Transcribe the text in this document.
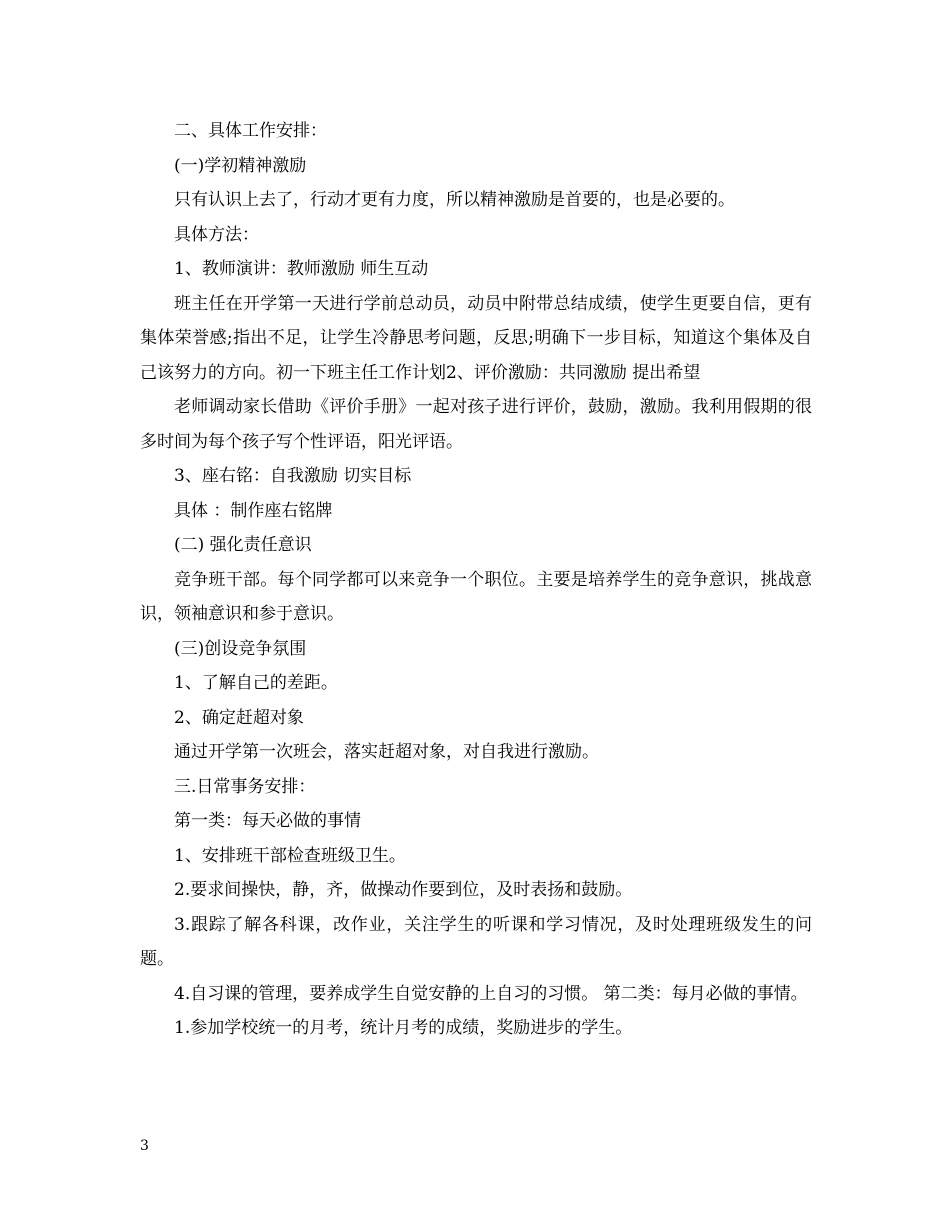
二、具体工作安排：

(一)学初精神激励

只有认识上去了，行动才更有力度，所以精神激励是首要的，也是必要的。

具体方法：

1、教师演讲：教师激励 师生互动

班主任在开学第一天进行学前总动员，动员中附带总结成绩，使学生更要自信，更有集体荣誉感;指出不足，让学生冷静思考问题，反思;明确下一步目标，知道这个集体及自己该努力的方向。初一下班主任工作计划2、评价激励：共同激励 提出希望

老师调动家长借助《评价手册》一起对孩子进行评价，鼓励，激励。我利用假期的很多时间为每个孩子写个性评语，阳光评语。

3、座右铭：自我激励 切实目标

具体 ：制作座右铭牌

(二) 强化责任意识

竞争班干部。每个同学都可以来竞争一个职位。主要是培养学生的竞争意识，挑战意识，领袖意识和参于意识。

(三)创设竞争氛围

1、了解自己的差距。

2、确定赶超对象

通过开学第一次班会，落实赶超对象，对自我进行激励。

三.日常事务安排：

第一类：每天必做的事情

1、安排班干部检查班级卫生。

2.要求间操快，静，齐，做操动作要到位，及时表扬和鼓励。

3.跟踪了解各科课，改作业，关注学生的听课和学习情况，及时处理班级发生的问题。

4.自习课的管理，要养成学生自觉安静的上自习的习惯。 第二类：每月必做的事情。

1.参加学校统一的月考，统计月考的成绩，奖励进步的学生。

3
